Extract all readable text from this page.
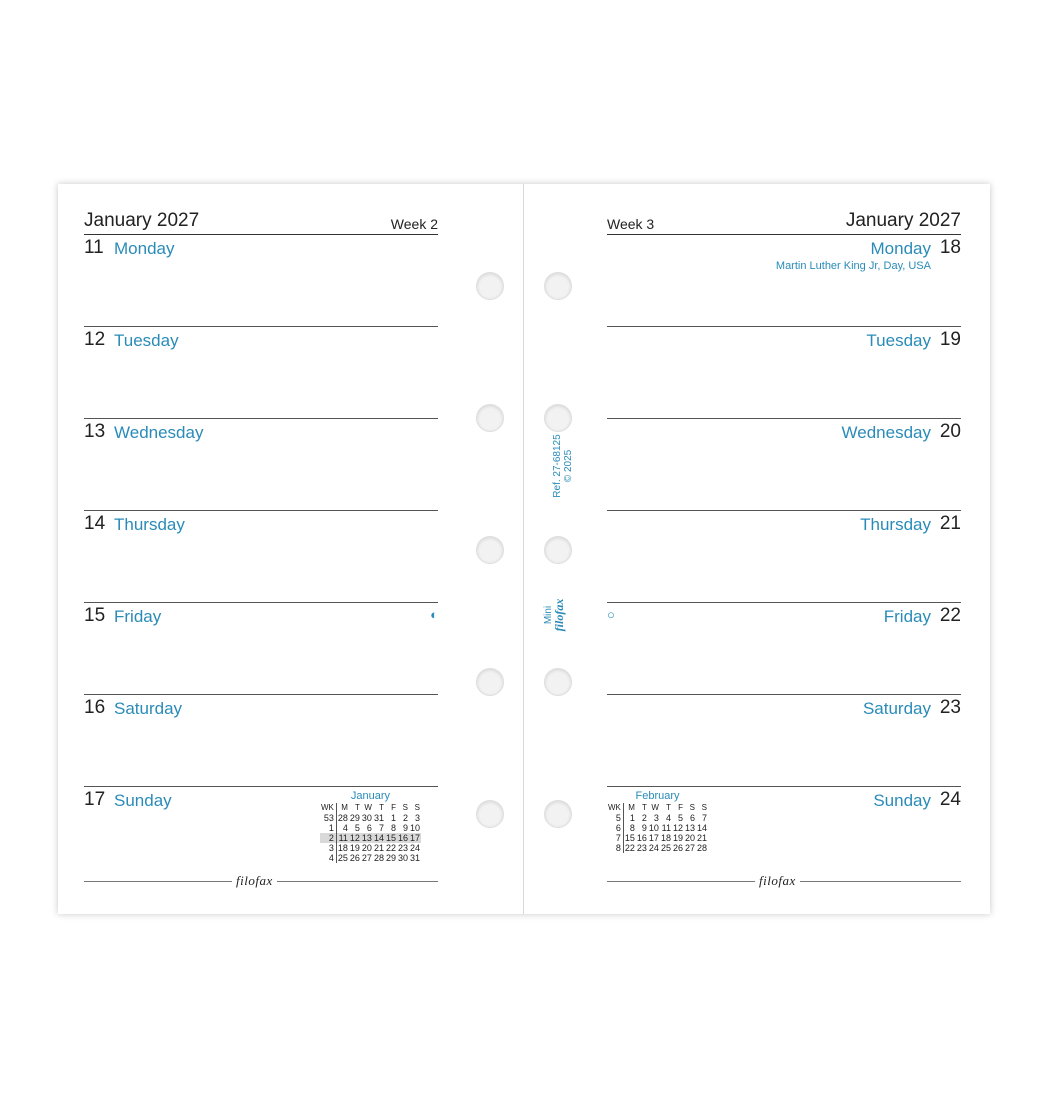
January 2027	Week 2
11 Monday
12 Tuesday
13 Wednesday
14 Thursday
15 Friday	◐
16 Saturday
17 Sunday	January
WK	M	T	W	T	F	S	S
53	28	29	30	31	1	2	3
1	4	5	6	7	8	9	10
2	11	12	13	14	15	16	17
3	18	19	20	21	22	23	24
4	25	26	27	28	29	30	31
filofax
Ref. 27-68125 © 2025
Mini
filofax
Week 3	January 2027
Monday 18
Martin Luther King Jr, Day, USA
Tuesday 19
Wednesday 20
Thursday 21
○	Friday 22
Saturday 23
Sunday 24
February
WK	M	T	W	T	F	S	S
5	1	2	3	4	5	6	7
6	8	9	10	11	12	13	14
7	15	16	17	18	19	20	21
8	22	23	24	25	26	27	28
filofax
